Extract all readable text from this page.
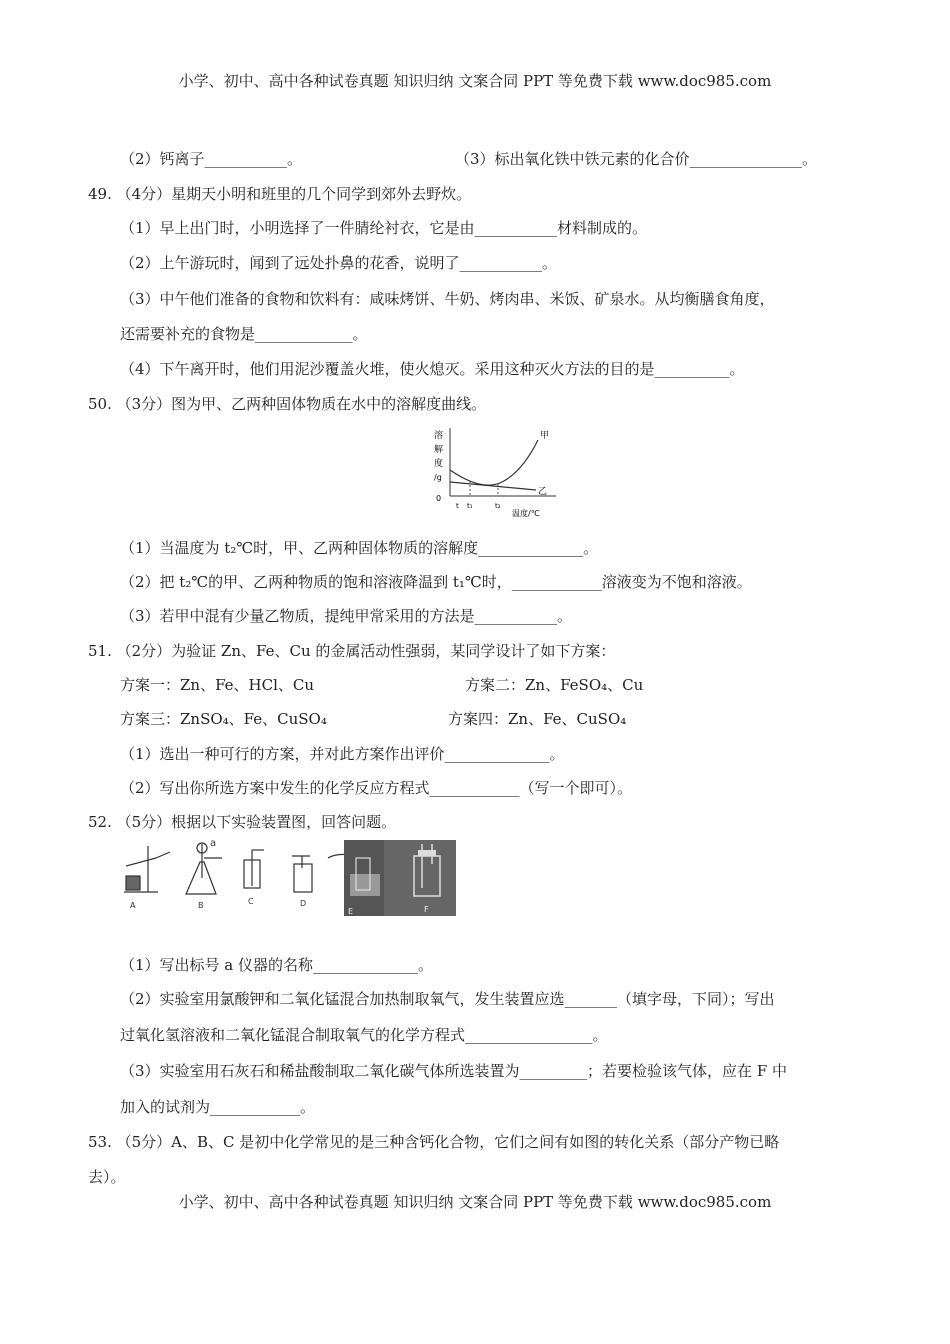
小学、初中、高中各种试卷真题 知识归纳 文案合同 PPT 等免费下载 www.doc985.com
（2）钙离子___________。	（3）标出氧化铁中铁元素的化合价_______________。
49. （4分）星期天小明和班里的几个同学到郊外去野炊。
（1）早上出门时，小明选择了一件腈纶衬衣，它是由___________材料制成的。
（2）上午游玩时，闻到了远处扑鼻的花香，说明了___________。
（3）中午他们准备的食物和饮料有：咸味烤饼、牛奶、烤肉串、米饭、矿泉水。从均衡膳食角度，
还需要补充的食物是_____________。
（4）下午离开时，他们用泥沙覆盖火堆，使火熄灭。采用这种灭火方法的目的是__________。
50. （3分）图为甲、乙两种固体物质在水中的溶解度曲线。
溶
解
度
/g
0
甲
乙
t t₁	t₂
温度/℃
（1）当温度为 t₂℃时，甲、乙两种固体物质的溶解度______________。
（2）把 t₂℃的甲、乙两种物质的饱和溶液降温到 t₁℃时，____________溶液变为不饱和溶液。
（3）若甲中混有少量乙物质，提纯甲常采用的方法是___________。
51. （2分）为验证 Zn、Fe、Cu 的金属活动性强弱，某同学设计了如下方案：
方案一：Zn、Fe、HCl、Cu	方案二：Zn、FeSO₄、Cu
方案三：ZnSO₄、Fe、CuSO₄	方案四：Zn、Fe、CuSO₄
（1）选出一种可行的方案，并对此方案作出评价______________。
（2）写出你所选方案中发生的化学反应方程式____________（写一个即可）。
52. （5分）根据以下实验装置图，回答问题。
A
a
B	C	D
E	F
（1）写出标号 a 仪器的名称______________。
（2）实验室用氯酸钾和二氧化锰混合加热制取氧气，发生装置应选_______（填字母，下同）；写出
过氧化氢溶液和二氧化锰混合制取氧气的化学方程式_________________。
（3）实验室用石灰石和稀盐酸制取二氧化碳气体所选装置为_________；若要检验该气体，应在 F 中
加入的试剂为____________。
53. （5分）A、B、C 是初中化学常见的是三种含钙化合物，它们之间有如图的转化关系（部分产物已略
去）。
小学、初中、高中各种试卷真题 知识归纳 文案合同 PPT 等免费下载 www.doc985.com
